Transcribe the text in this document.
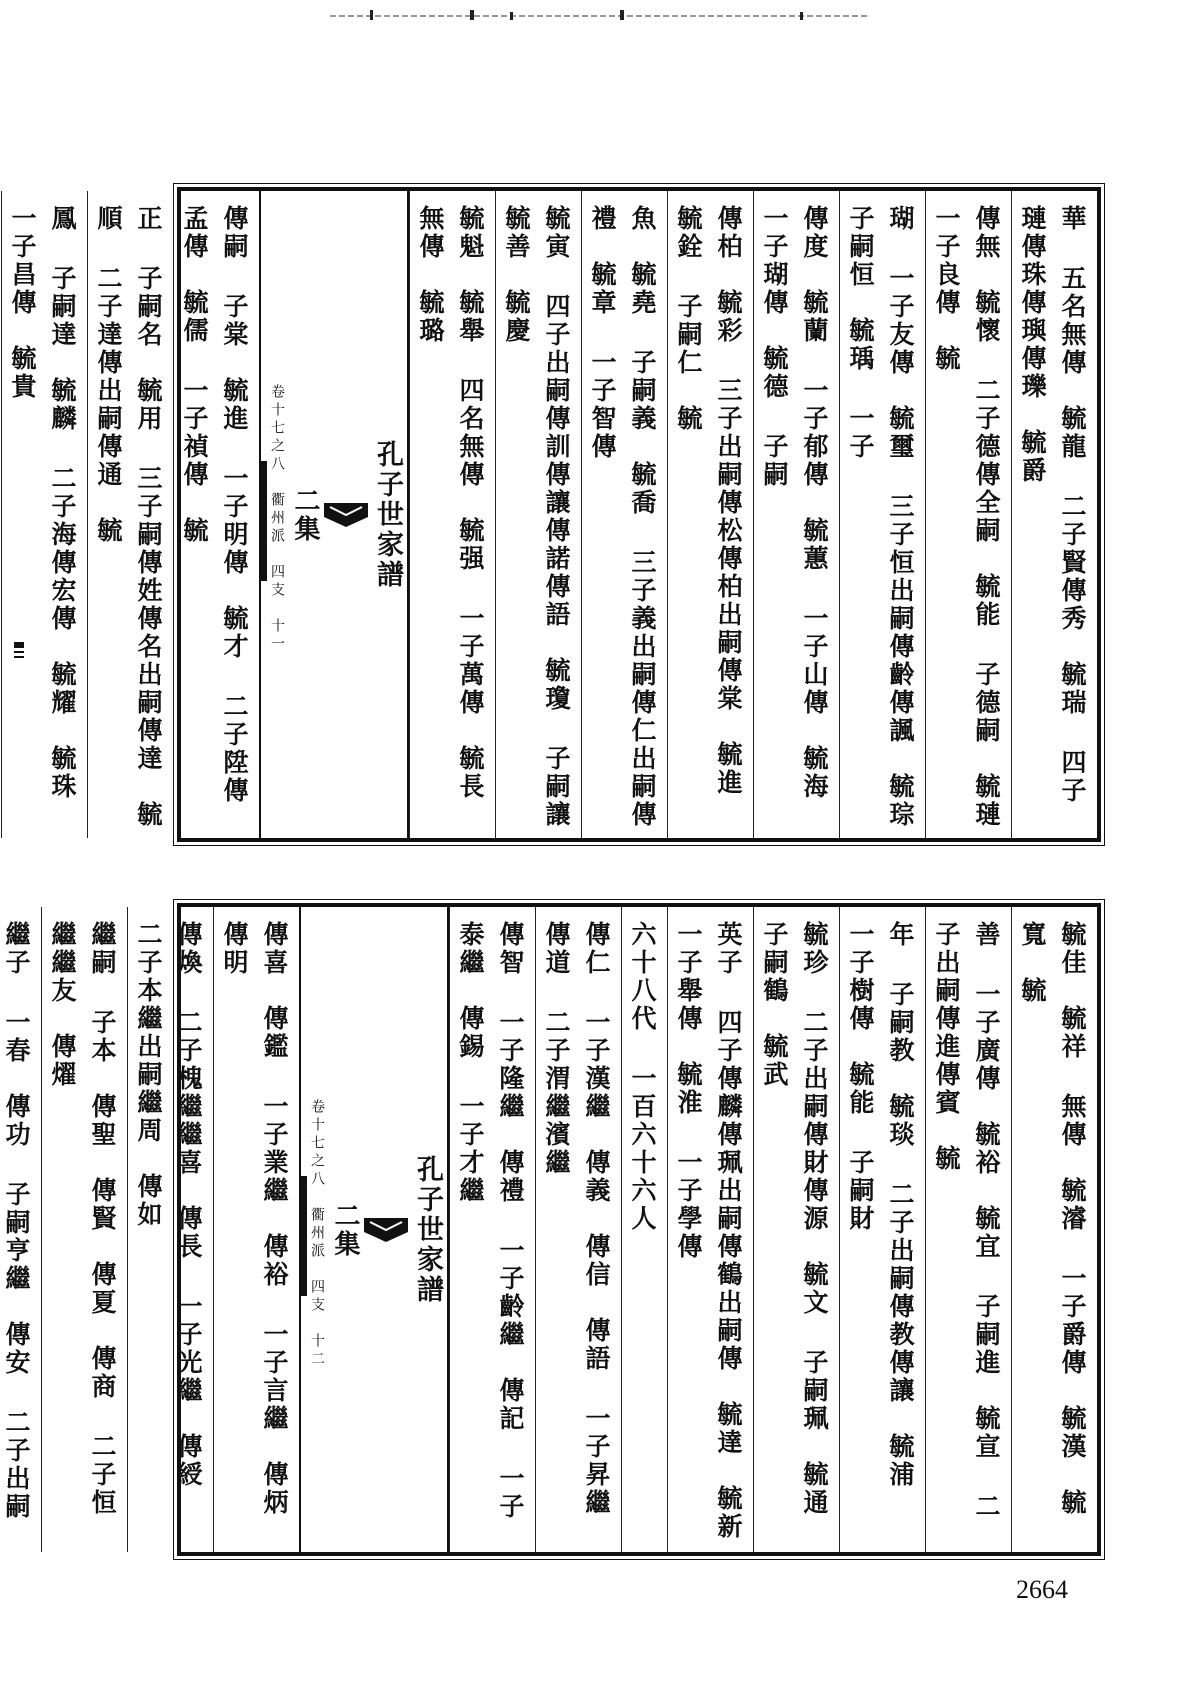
華 五名無傳　毓龍 二子賢傳秀　毓瑞 四子璉傳珠傳璵傳瓅　毓爵
傳無　毓懷 二子德傳全嗣　毓能 子德嗣　毓璉 一子良傳　毓
瑚 一子友傳　毓璽 三子恒出嗣傳齡傳諷　毓琮 子嗣恒　毓瑀 一子
傳度　毓蘭 一子郁傳　毓蕙 一子山傳　毓海 一子瑚傳　毓德 子嗣
傳柏　毓彩 三子出嗣傳松傳柏出嗣傳棠　毓進　毓銓 子嗣仁　毓
魚　毓堯 子嗣義　毓喬 三子義出嗣傳仁出嗣傳禮　毓章 一子智傳
毓寅 四子出嗣傳訓傳讓傳諾傳語　毓瓊 子嗣讓　毓善　毓慶
毓魁　毓舉 四名無傳　毓强 一子萬傳　毓長 無傳　毓璐
孔子世家譜
二集
卷十七之八　衢州派　四支　十一
傳嗣 子棠　毓進 一子明傳　毓才 二子陞傳孟傳　毓儒 一子禎傳　毓
正 子嗣名　毓用 三子嗣傳姓傳名出嗣傳達　毓順 二子達傳出嗣傳通　毓
鳳 子嗣達　毓麟 二子海傳宏傳　毓耀　毓珠 一子昌傳　毓貴
毓佳　毓祥 無傳　毓濬 一子爵傳　毓漢　毓寬　毓
善 一子廣傳　毓裕　毓宜 子嗣進　毓宣 二子出嗣傳進傳賓　毓
年 子嗣教　毓琰 二子出嗣傳教傳讓　毓浦 一子樹傳　毓能 子嗣財
毓珍 二子出嗣傳財傳源　毓文 子嗣珮　毓通 子嗣鶴　毓武
英子 四子傳麟傳珮出嗣傳鶴出嗣傳　毓達　毓新 一子舉傳　毓淮 一子學傳
六十八代 一百六十六人
傳仁 一子漢繼　傳義　傳信　傳語 一子昇繼　傳道 二子渭繼濱繼
傳智 一子隆繼　傳禮 一子齡繼　傳記 一子泰繼　傳錫 一子才繼
孔子世家譜
二集
卷十七之八　衢州派　四支　十二
傳喜　傳鑑 一子業繼　傳裕 一子言繼　傳炳　傳明
傳煥 二子槐繼繼喜　傳長 一子光繼　傳綬 二子本繼出嗣繼周　傳如
繼嗣 子本　傳聖　傳賢　傳夏　傳商 二子恒繼繼友　傳燿
繼子 一春　傳功 子嗣亨繼　傳安 二子出嗣　　
2664
